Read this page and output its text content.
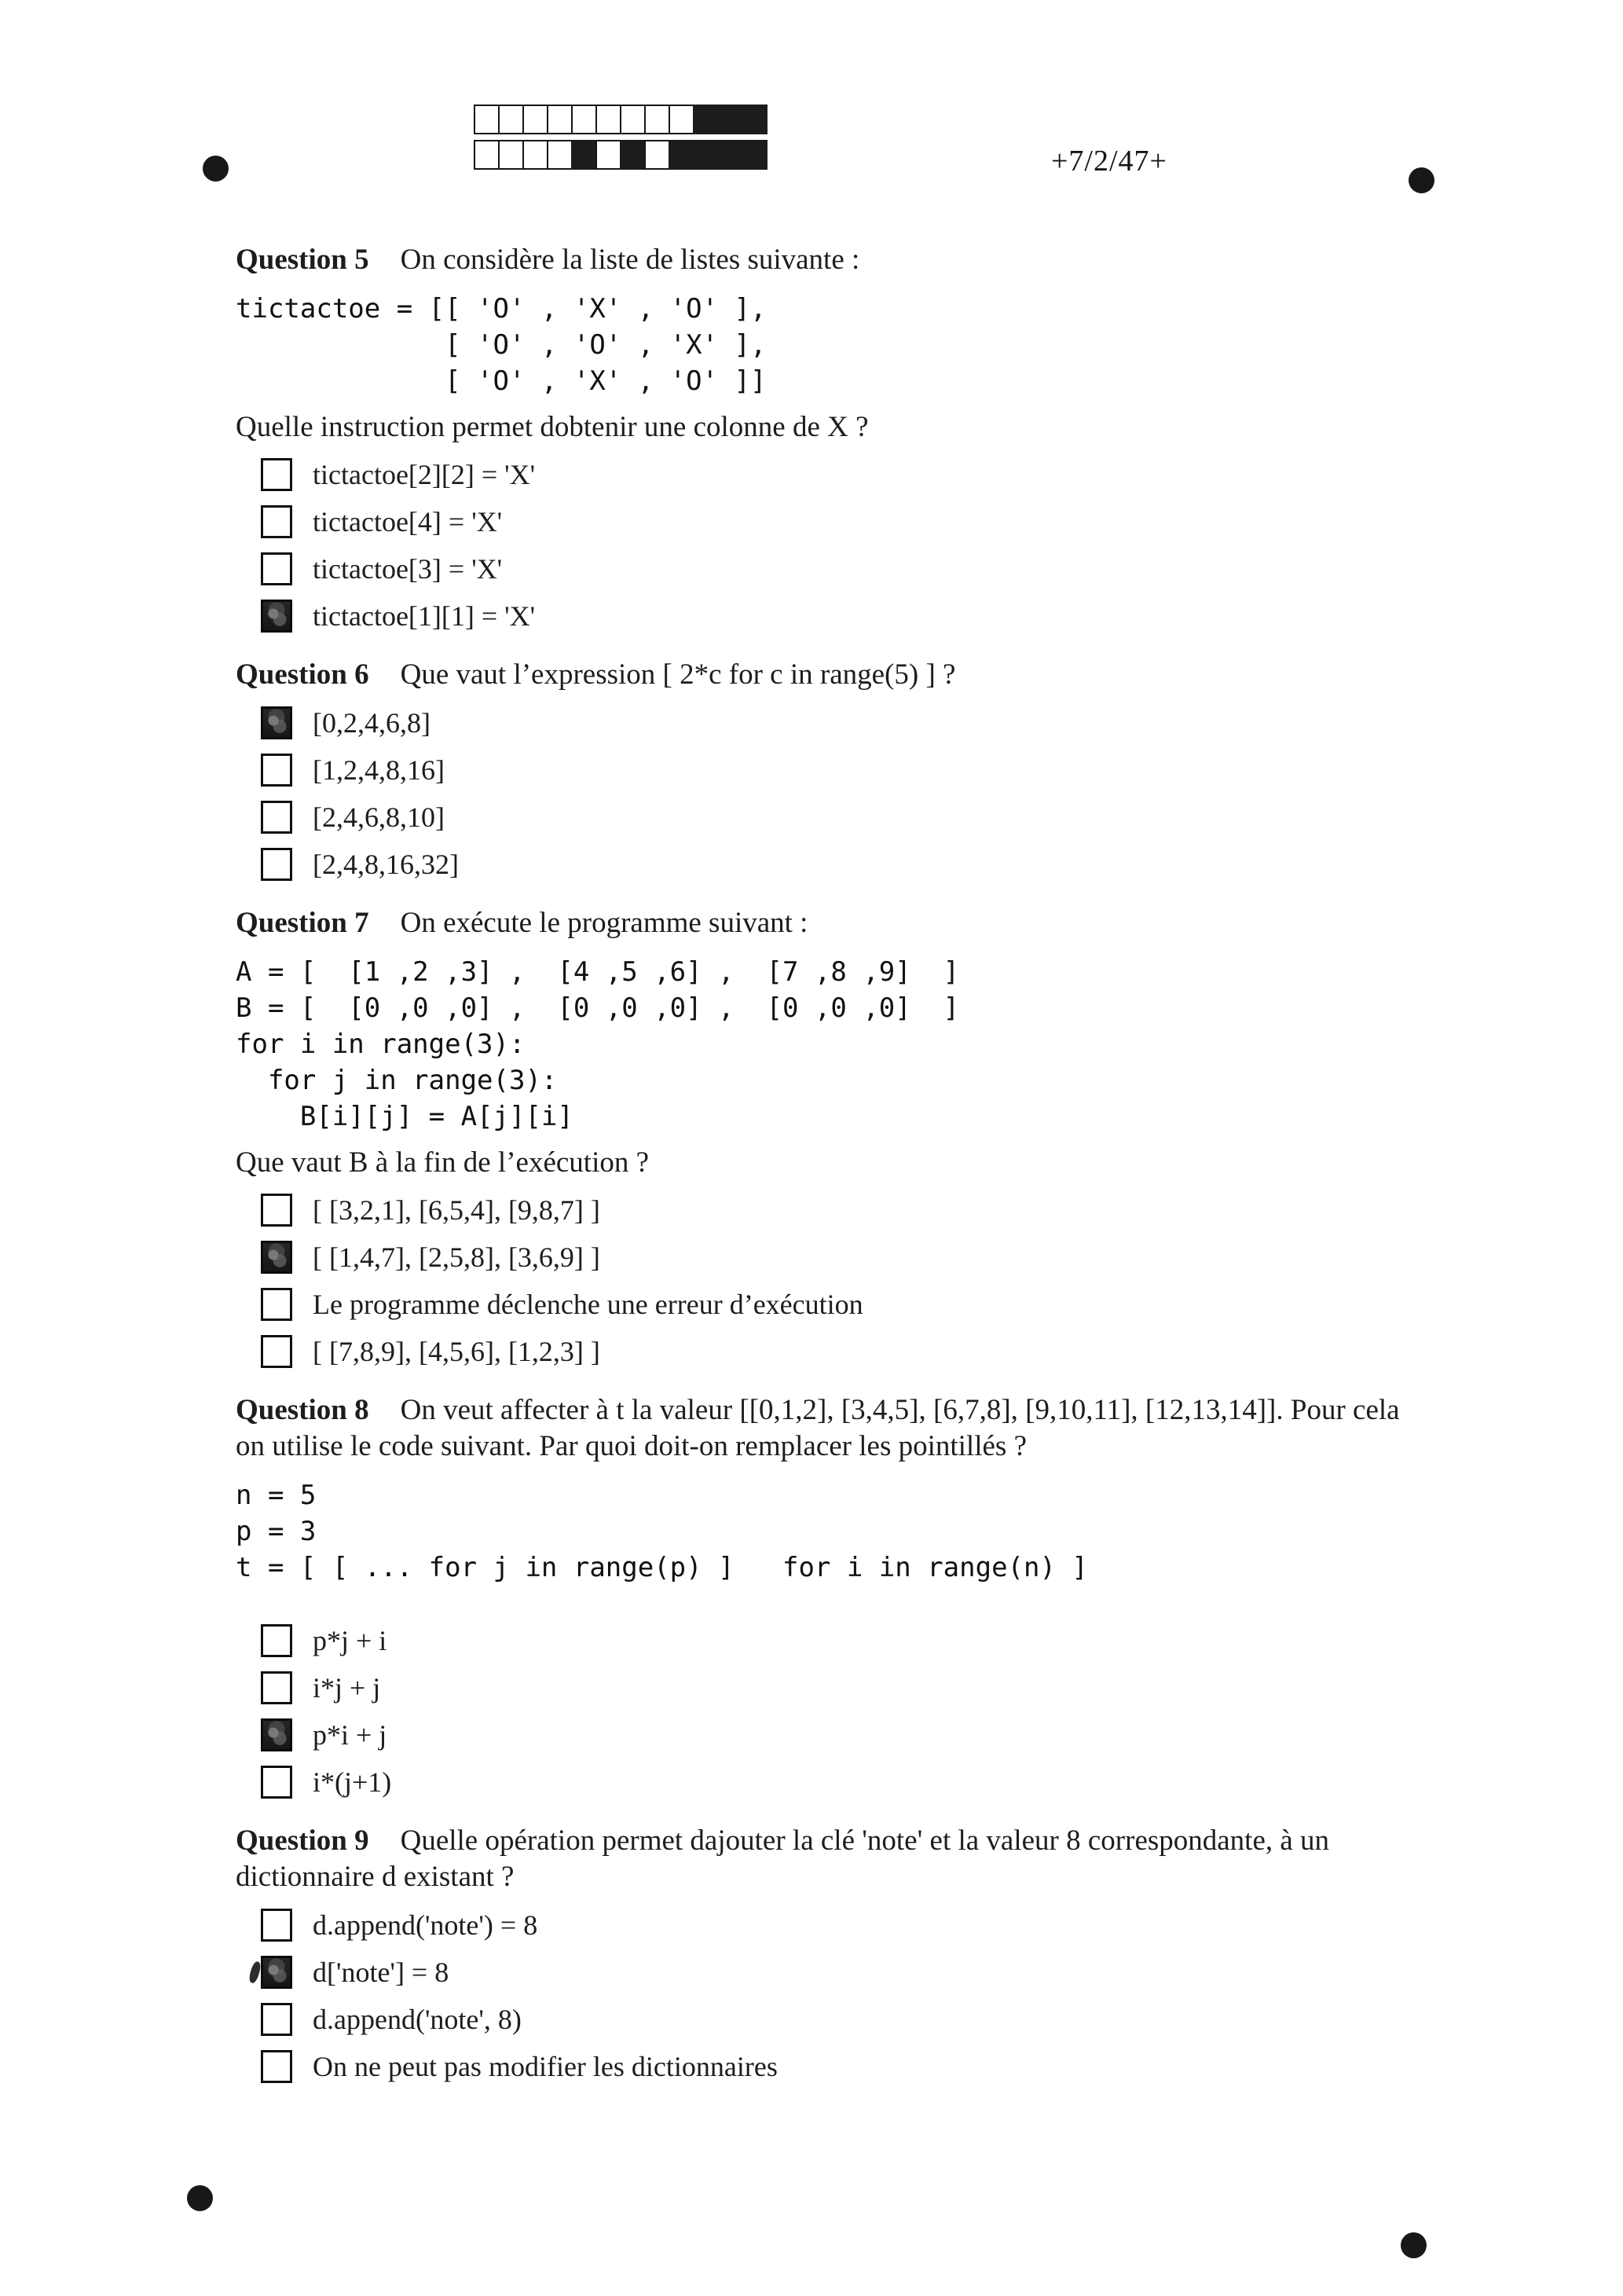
+7/2/47+

Question 5 On considère la liste de listes suivante :

tictactoe = [[ 'O' , 'X' , 'O' ],
[ 'O' , 'O' , 'X' ],
[ 'O' , 'X' , 'O' ]]

Quelle instruction permet dobtenir une colonne de X ?

tictactoe[2][2] = 'X'
tictactoe[4] = 'X'
tictactoe[3] = 'X'
tictactoe[1][1] = 'X'

Question 6 Que vaut l’expression [ 2*c for c in range(5) ] ?

[0,2,4,6,8]
[1,2,4,8,16]
[2,4,6,8,10]
[2,4,8,16,32]

Question 7 On exécute le programme suivant :

A = [  [1 ,2 ,3] ,  [4 ,5 ,6] ,  [7 ,8 ,9]  ]
B = [  [0 ,0 ,0] ,  [0 ,0 ,0] ,  [0 ,0 ,0]  ]
for i in range(3):
for j in range(3):
B[i][j] = A[j][i]

Que vaut B à la fin de l’exécution ?

[ [3,2,1], [6,5,4], [9,8,7] ]
[ [1,4,7], [2,5,8], [3,6,9] ]
Le programme déclenche une erreur d’exécution
[ [7,8,9], [4,5,6], [1,2,3] ]

Question 8 On veut affecter à t la valeur [[0,1,2], [3,4,5], [6,7,8], [9,10,11], [12,13,14]]. Pour cela on utilise le code suivant. Par quoi doit-on remplacer les pointillés ?

n = 5
p = 3
t = [ [ ... for j in range(p) ]   for i in range(n) ]
p*j + i
i*j + j
p*i + j
i*(j+1)

Question 9 Quelle opération permet dajouter la clé 'note' et la valeur 8 correspondante, à un dictionnaire d existant ?

d.append('note') = 8
d['note'] = 8
d.append('note', 8)
On ne peut pas modifier les dictionnaires
